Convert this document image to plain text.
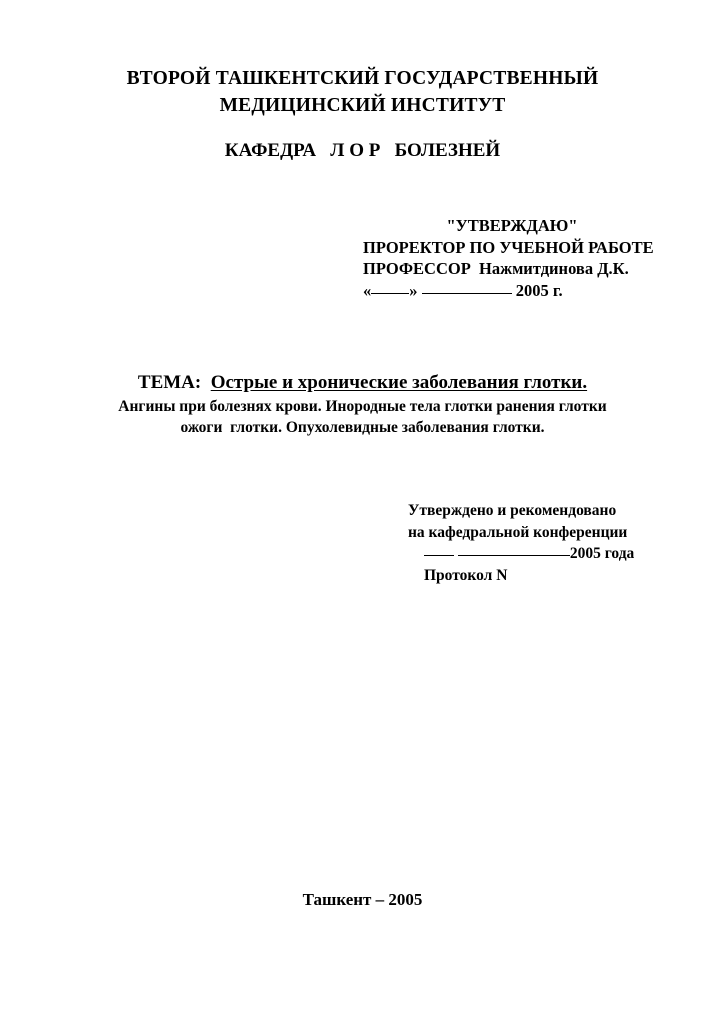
ВТОРОЙ ТАШКЕНТСКИЙ ГОСУДАРСТВЕННЫЙ
МЕДИЦИНСКИЙ ИНСТИТУТ
КАФЕДРА   Л О Р   БОЛЕЗНЕЙ
"УТВЕРЖДАЮ"
ПРОРЕКТОР ПО УЧЕБНОЙ РАБОТЕ
ПРОФЕССОР  Нажмитдинова Д.К.
« »	2005 г.
ТЕМА:  Острые и хронические заболевания глотки.
Ангины при болезнях крови. Инородные тела глотки ранения глотки
ожоги  глотки. Опухолевидные заболевания глотки.
Утверждено и рекомендовано
на кафедральной конференции
2005 года
Протокол N
Ташкент – 2005
